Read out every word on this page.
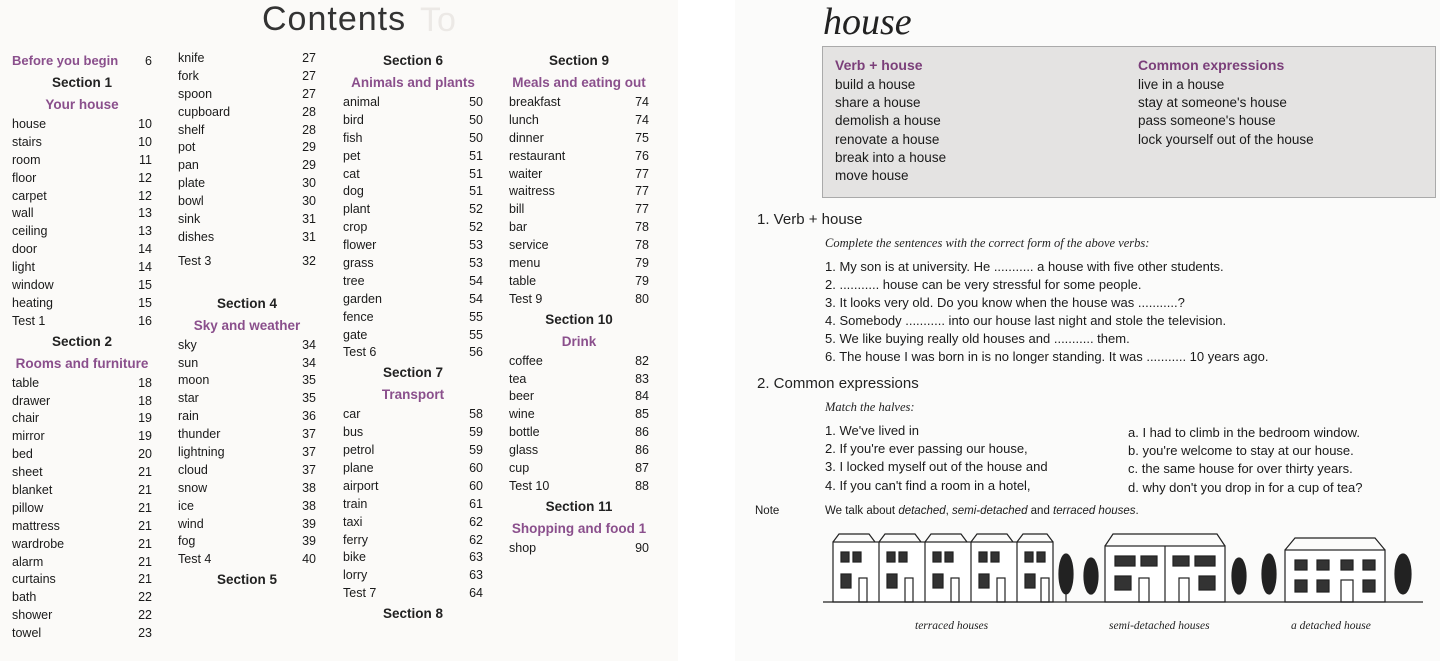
To⠀⠀⠀⠀
Contents
Before you begin 6
Section 1
Your house
house	10
stairs	10
room	11
floor	12
carpet	12
wall	13
ceiling	13
door	14
light	14
window	15
heating	15
Test 1	16
Section 2
Rooms and furniture
table	18
drawer	18
chair	19
mirror	19
bed	20
sheet	21
blanket	21
pillow	21
mattress	21
wardrobe	21
alarm	21
curtains	21
bath	22
shower	22
towel	23
knife	27
fork	27
spoon	27
cupboard	28
shelf	28
pot	29
pan	29
plate	30
bowl	30
sink	31
dishes	31
Test 3	32
Section 4
Sky and weather
sky	34
sun	34
moon	35
star	35
rain	36
thunder	37
lightning	37
cloud	37
snow	38
ice	38
wind	39
fog	39
Test 4	40
Section 5
Section 6
Animals and plants
animal	50
bird	50
fish	50
pet	51
cat	51
dog	51
plant	52
crop	52
flower	53
grass	53
tree	54
garden	54
fence	55
gate	55
Test 6	56
Section 7
Transport
car	58
bus	59
petrol	59
plane	60
airport	60
train	61
taxi	62
ferry	62
bike	63
lorry	63
Test 7	64
Section 8
Section 9
Meals and eating out
breakfast	74
lunch	74
dinner	75
restaurant	76
waiter	77
waitress	77
bill	77
bar	78
service	78
menu	79
table	79
Test 9	80
Section 10
Drink
coffee	82
tea	83
beer	84
wine	85
bottle	86
glass	86
cup	87
Test 10	88
Section 11
Shopping and food 1
shop	90
house
Verb + house
build a house
share a house
demolish a house
renovate a house
break into a house
move house
Common expressions
live in a house
stay at someone's house
pass someone's house
lock yourself out of the house
1. Verb + house
Complete the sentences with the correct form of the above verbs:
1. My son is at university. He ........... a house with five other students.
2. ........... house can be very stressful for some people.
3. It looks very old. Do you know when the house was ...........?
4. Somebody ........... into our house last night and stole the television.
5. We like buying really old houses and ........... them.
6. The house I was born in is no longer standing. It was ........... 10 years ago.
2. Common expressions
Match the halves:
1. We've lived in
2. If you're ever passing our house,
3. I locked myself out of the house and
4. If you can't find a room in a hotel,
a. I had to climb in the bedroom window.
b. you're welcome to stay at our house.
c. the same house for over thirty years.
d. why don't you drop in for a cup of tea?
Note	We talk about detached, semi-detached and terraced houses.
terraced houses	semi-detached houses	a detached house
